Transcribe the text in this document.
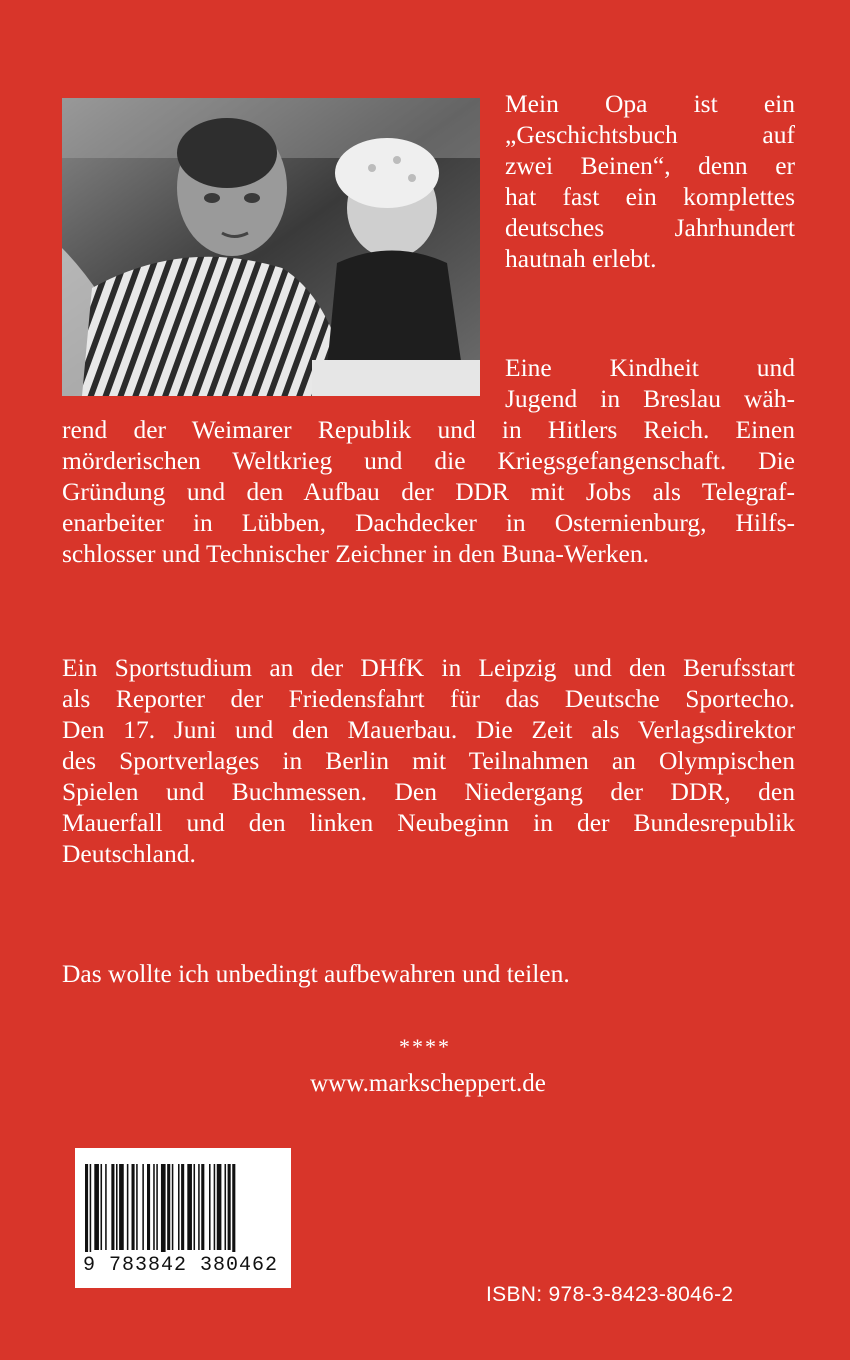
Mein Opa ist ein
„Geschichtsbuch auf
zwei Beinen“, denn er
hat fast ein komplettes
deutsches Jahrhundert
hautnah erlebt.
Eine Kindheit und
Jugend in Breslau wäh-
rend der Weimarer Republik und in Hitlers Reich. Einen
mörderischen Weltkrieg und die Kriegsgefangenschaft. Die
Gründung und den Aufbau der DDR mit Jobs als Telegraf-
enarbeiter in Lübben, Dachdecker in Osternienburg, Hilfs-
schlosser und Technischer Zeichner in den Buna-Werken.
Ein Sportstudium an der DHfK in Leipzig und den Berufsstart
als Reporter der Friedensfahrt für das Deutsche Sportecho.
Den 17. Juni und den Mauerbau. Die Zeit als Verlagsdirektor
des Sportverlages in Berlin mit Teilnahmen an Olympischen
Spielen und Buchmessen. Den Niedergang der DDR, den
Mauerfall und den linken Neubeginn in der Bundesrepublik
Deutschland.
Das wollte ich unbedingt aufbewahren und teilen.
****
www.markscheppert.de
9 783842 380462
ISBN: 978-3-8423-8046-2
